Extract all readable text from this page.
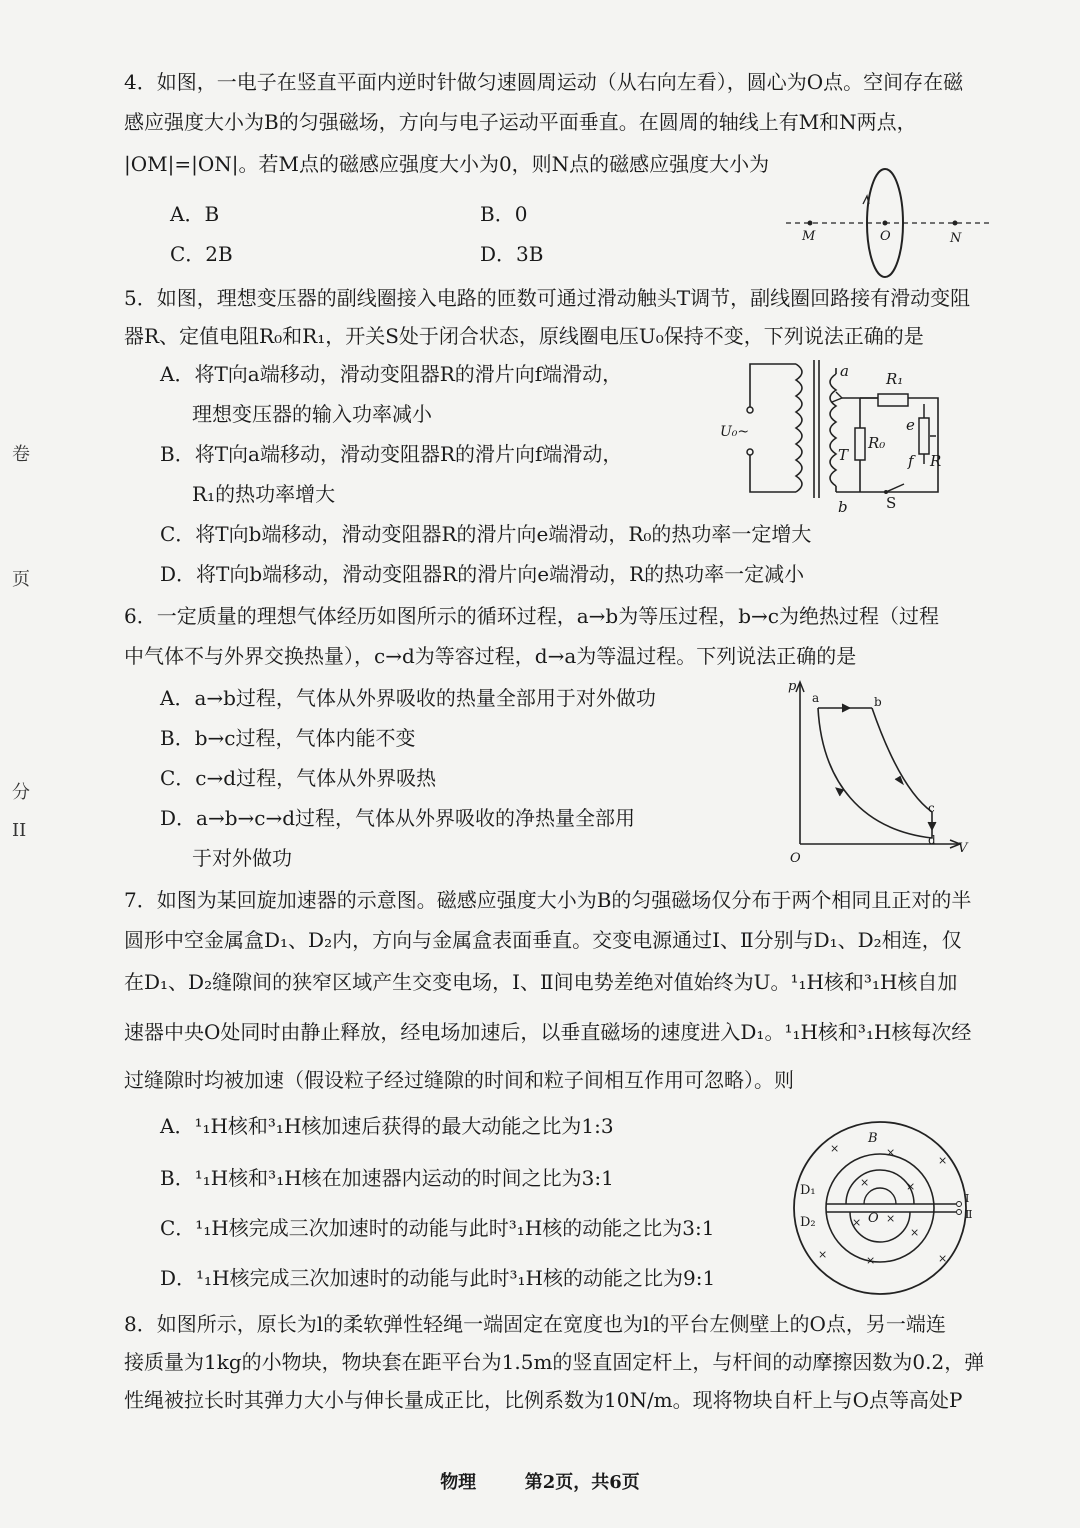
卷
页
分
II
4．如图，一电子在竖直平面内逆时针做匀速圆周运动（从右向左看），圆心为O点。空间存在磁
感应强度大小为B的匀强磁场，方向与电子运动平面垂直。在圆周的轴线上有M和N两点，
|OM|=|ON|。若M点的磁感应强度大小为0，则N点的磁感应强度大小为
A．B	B．0
C．2B	D．3B
M	O	N
5．如图，理想变压器的副线圈接入电路的匝数可通过滑动触头T调节，副线圈回路接有滑动变阻
器R、定值电阻R₀和R₁，开关S处于闭合状态，原线圈电压U₀保持不变，下列说法正确的是
A．将T向a端移动，滑动变阻器R的滑片向f端滑动，
理想变压器的输入功率减小
B．将T向a端移动，滑动变阻器R的滑片向f端滑动，
R₁的热功率增大
C．将T向b端移动，滑动变阻器R的滑片向e端滑动，R₀的热功率一定增大
D．将T向b端移动，滑动变阻器R的滑片向e端滑动，R的热功率一定减小
a
b
T
R₁
R₀
R
e
f
S
U₀~
6．一定质量的理想气体经历如图所示的循环过程，a→b为等压过程，b→c为绝热过程（过程
中气体不与外界交换热量），c→d为等容过程，d→a为等温过程。下列说法正确的是
A．a→b过程，气体从外界吸收的热量全部用于对外做功
B．b→c过程，气体内能不变
C．c→d过程，气体从外界吸热
D．a→b→c→d过程，气体从外界吸收的净热量全部用
于对外做功
p
V
O
a	b
c
d
7．如图为某回旋加速器的示意图。磁感应强度大小为B的匀强磁场仅分布于两个相同且正对的半
圆形中空金属盒D₁、D₂内，方向与金属盒表面垂直。交变电源通过Ⅰ、Ⅱ分别与D₁、D₂相连，仅
在D₁、D₂缝隙间的狭窄区域产生交变电场，Ⅰ、Ⅱ间电势差绝对值始终为U。¹₁H核和³₁H核自加
速器中央O处同时由静止释放，经电场加速后，以垂直磁场的速度进入D₁。¹₁H核和³₁H核每次经
过缝隙时均被加速（假设粒子经过缝隙的时间和粒子间相互作用可忽略）。则
A．¹₁H核和³₁H核加速后获得的最大动能之比为1:3
B．¹₁H核和³₁H核在加速器内运动的时间之比为3:1
C．¹₁H核完成三次加速时的动能与此时³₁H核的动能之比为3:1
D．¹₁H核完成三次加速时的动能与此时³₁H核的动能之比为9:1
×	×
×
×	×
× ×
×
×	×	×
B
D₁
D₂	O
Ⅰ
Ⅱ
8．如图所示，原长为l的柔软弹性轻绳一端固定在宽度也为l的平台左侧壁上的O点，另一端连
接质量为1kg的小物块，物块套在距平台为1.5m的竖直固定杆上，与杆间的动摩擦因数为0.2，弹
性绳被拉长时其弹力大小与伸长量成正比，比例系数为10N/m。现将物块自杆上与O点等高处P
物理	第2页，共6页
